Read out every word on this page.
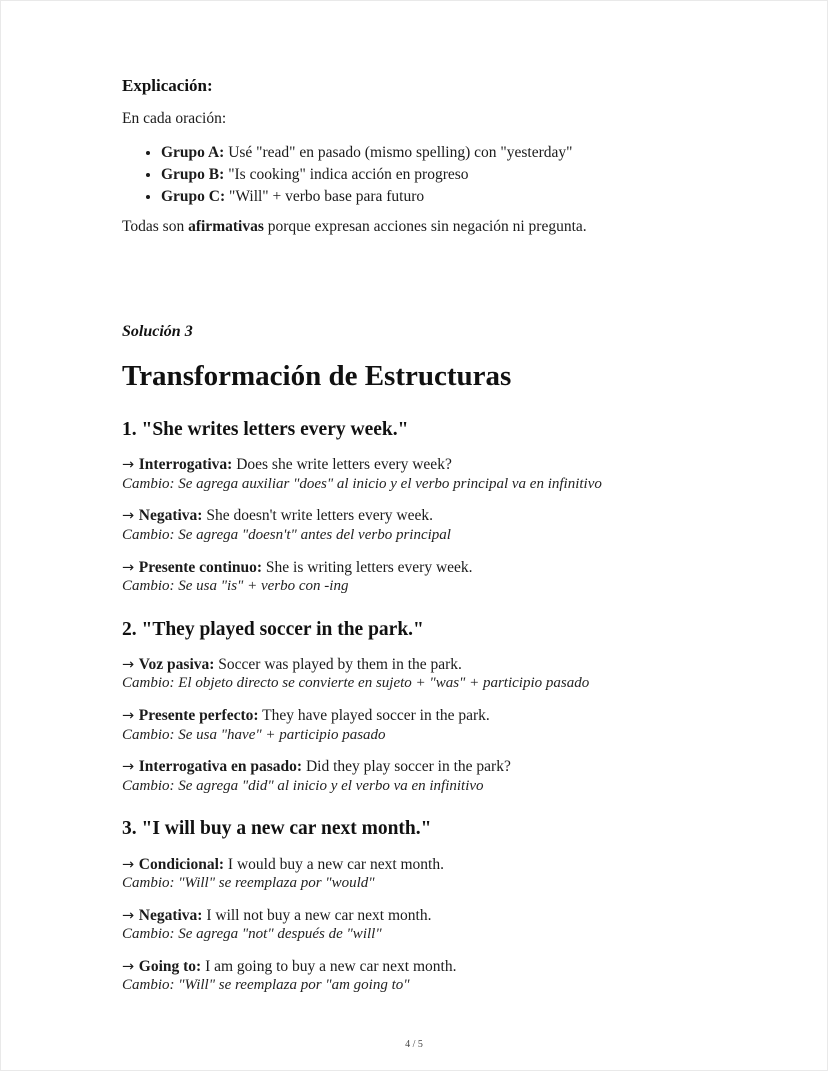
Explicación:

En cada oración:

• Grupo A: Usé "read" en pasado (mismo spelling) con "yesterday"
• Grupo B: "Is cooking" indica acción en progreso
• Grupo C: "Will" + verbo base para futuro

Todas son afirmativas porque expresan acciones sin negación ni pregunta.

Solución 3

Transformación de Estructuras
1. "She writes letters every week."

→ Interrogativa: Does she write letters every week?

Cambio: Se agrega auxiliar "does" al inicio y el verbo principal va en infinitivo

→ Negativa: She doesn't write letters every week.

Cambio: Se agrega "doesn't" antes del verbo principal

→ Presente continuo: She is writing letters every week.

Cambio: Se usa "is" + verbo con -ing

2. "They played soccer in the park."

→ Voz pasiva: Soccer was played by them in the park.

Cambio: El objeto directo se convierte en sujeto + "was" + participio pasado

→ Presente perfecto: They have played soccer in the park.

Cambio: Se usa "have" + participio pasado

→ Interrogativa en pasado: Did they play soccer in the park?

Cambio: Se agrega "did" al inicio y el verbo va en infinitivo

3. "I will buy a new car next month."

→ Condicional: I would buy a new car next month.

Cambio: "Will" se reemplaza por "would"

→ Negativa: I will not buy a new car next month.

Cambio: Se agrega "not" después de "will"

→ Going to: I am going to buy a new car next month.

Cambio: "Will" se reemplaza por "am going to"

4 / 5
